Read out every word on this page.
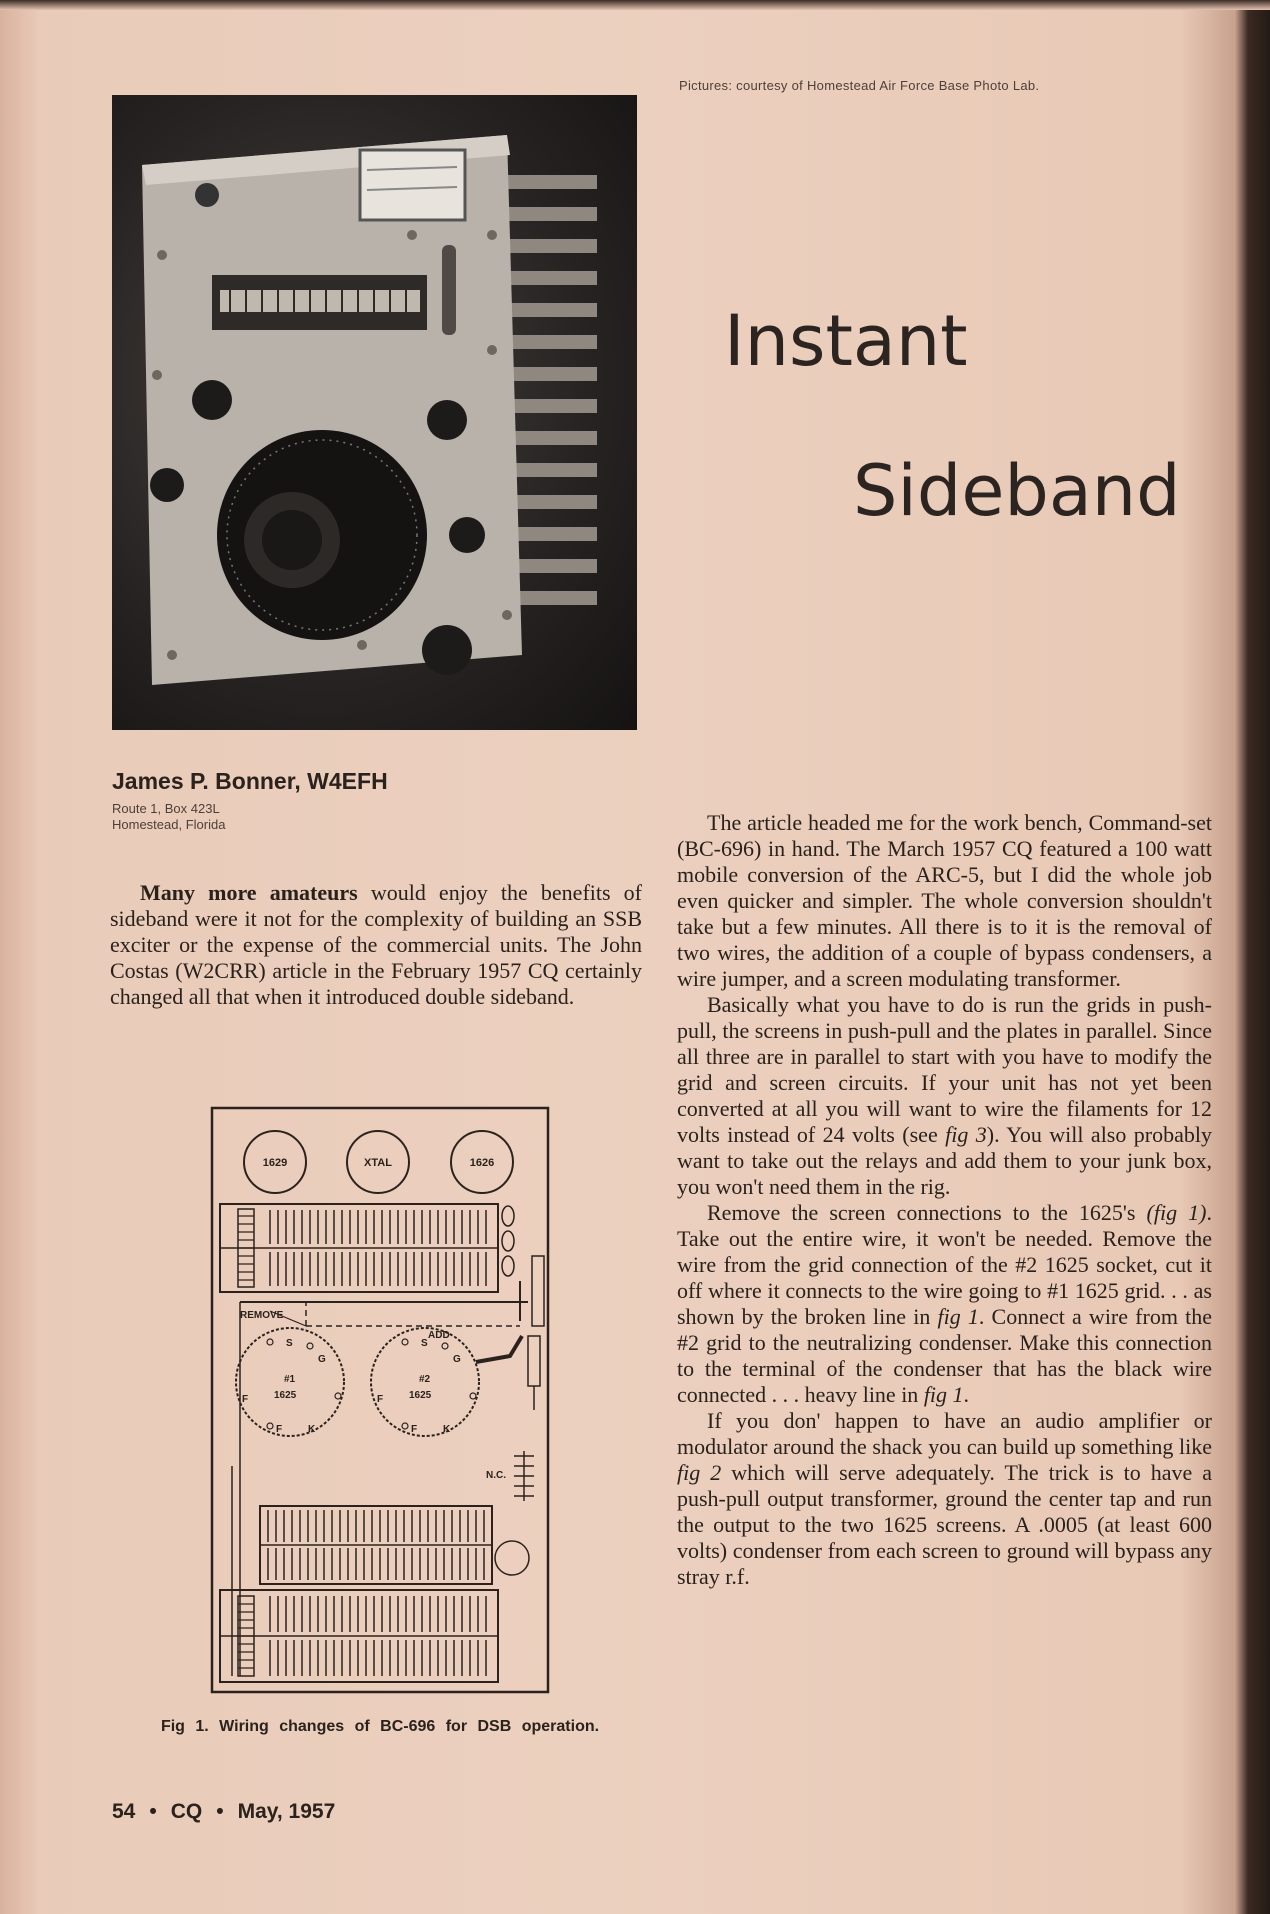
Pictures: courtesy of Homestead Air Force Base Photo Lab.
Instant
Sideband
James P. Bonner, W4EFH
Route 1, Box 423L
Homestead, Florida
Many more amateurs would enjoy the benefits of sideband were it not for the complexity of building an SSB exciter or the expense of the commercial units. The John Costas (W2CRR) article in the February 1957 CQ certainly changed all that when it introduced double sideband.
1629	XTAL	1626
REMOVE
ADD
S	S
#1	#2
1625	1625
F	F
F	F
K	K
G	G
N.C.
Fig 1. Wiring changes of BC-696 for DSB operation.

The article headed me for the work bench, Command-set (BC-696) in hand. The March 1957 CQ featured a 100 watt mobile conversion of the ARC-5, but I did the whole job even quicker and simpler. The whole conversion shouldn't take but a few minutes. All there is to it is the removal of two wires, the addition of a couple of bypass condensers, a wire jumper, and a screen modulating transformer.

Basically what you have to do is run the grids in push-pull, the screens in push-pull and the plates in parallel. Since all three are in parallel to start with you have to modify the grid and screen circuits. If your unit has not yet been converted at all you will want to wire the filaments for 12 volts instead of 24 volts (see fig 3). You will also probably want to take out the relays and add them to your junk box, you won't need them in the rig.

Remove the screen connections to the 1625's (fig 1). Take out the entire wire, it won't be needed. Remove the wire from the grid connection of the #2 1625 socket, cut it off where it connects to the wire going to #1 1625 grid. . . as shown by the broken line in fig 1. Connect a wire from the #2 grid to the neutralizing condenser. Make this connection to the terminal of the condenser that has the black wire connected . . . heavy line in fig 1.

If you don' happen to have an audio amplifier or modulator around the shack you can build up something like fig 2 which will serve adequately. The trick is to have a push-pull output transformer, ground the center tap and run the output to the two 1625 screens. A .0005 (at least 600 volts) condenser from each screen to ground will bypass any stray r.f.

54 • CQ • May, 1957
